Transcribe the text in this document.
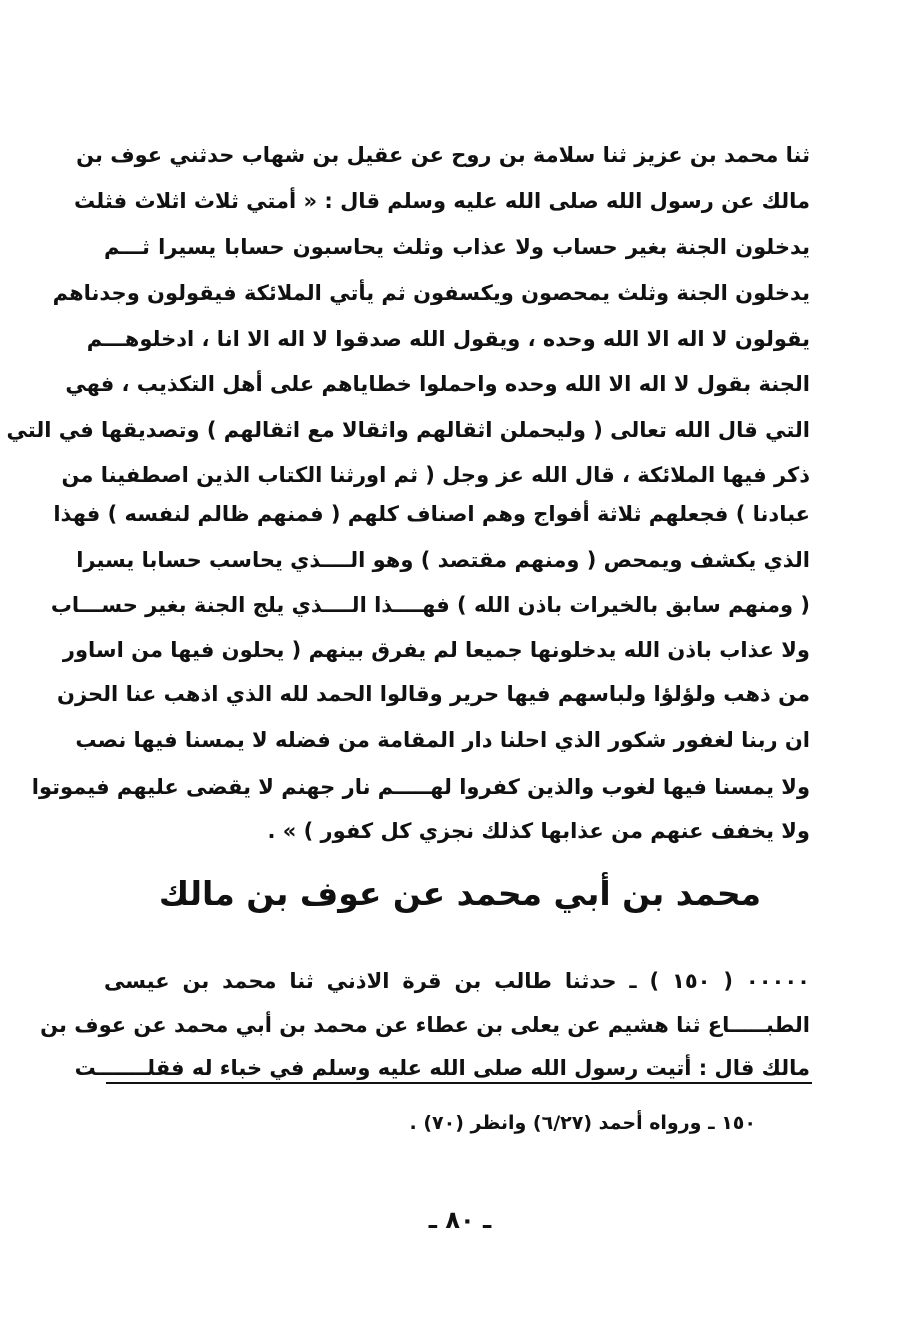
ثنا محمد بن عزيز ثنا سلامة بن روح عن عقيل بن شهاب حدثني عوف بن
مالك عن رسول الله صلى الله عليه وسلم قال : « أمتي ثلاث اثلاث فثلث
يدخلون الجنة بغير حساب ولا عذاب وثلث يحاسبون حسابا يسيرا ثـــم
يدخلون الجنة وثلث يمحصون ويكسفون ثم يأتي الملائكة فيقولون وجدناهم
يقولون لا اله الا الله وحده ، ويقول الله صدقوا لا اله الا انا ، ادخلوهـــم
الجنة بقول لا اله الا الله وحده واحملوا خطاياهم على أهل التكذيب ، فهي
التي قال الله تعالى ( وليحملن اثقالهم واثقالا مع اثقالهم ) وتصديقها في التي
ذكر فيها الملائكة ، قال الله عز وجل ( ثم اورثنا الكتاب الذين اصطفينا من
عبادنا ) فجعلهم ثلاثة أفواج وهم اصناف كلهم ( فمنهم ظالم لنفسه ) فهذا
الذي يكشف ويمحص ( ومنهم مقتصد ) وهو الــــذي يحاسب حسابا يسيرا
( ومنهم سابق بالخيرات باذن الله ) فهــــذا الــــذي يلج الجنة بغير حســـاب
ولا عذاب باذن الله يدخلونها جميعا لم يفرق بينهم ( يحلون فيها من اساور
من ذهب ولؤلؤا ولباسهم فيها حرير وقالوا الحمد لله الذي اذهب عنا الحزن
ان ربنا لغفور شكور الذي احلنا دار المقامة من فضله لا يمسنا فيها نصب
ولا يمسنا فيها لغوب والذين كفروا لهـــــم نار جهنم لا يقضى عليهم فيموتوا
ولا يخفف عنهم من عذابها كذلك نجزي كل كفور ) » .
محمد بن أبي محمد عن عوف بن مالك
٠٠٠٠٠ ( ١٥٠ ) ـ حدثنا طالب بن قرة الاذني ثنا محمد بن عيسى
الطبـــــاع ثنا هشيم عن يعلى بن عطاء عن محمد بن أبي محمد عن عوف بن
مالك قال : أتيت رسول الله صلى الله عليه وسلم في خباء له فقلـــــــت
١٥٠ ـ ورواه أحمد (٦/٢٧) وانظر (٧٠) .
ـ ٨٠ ـ
